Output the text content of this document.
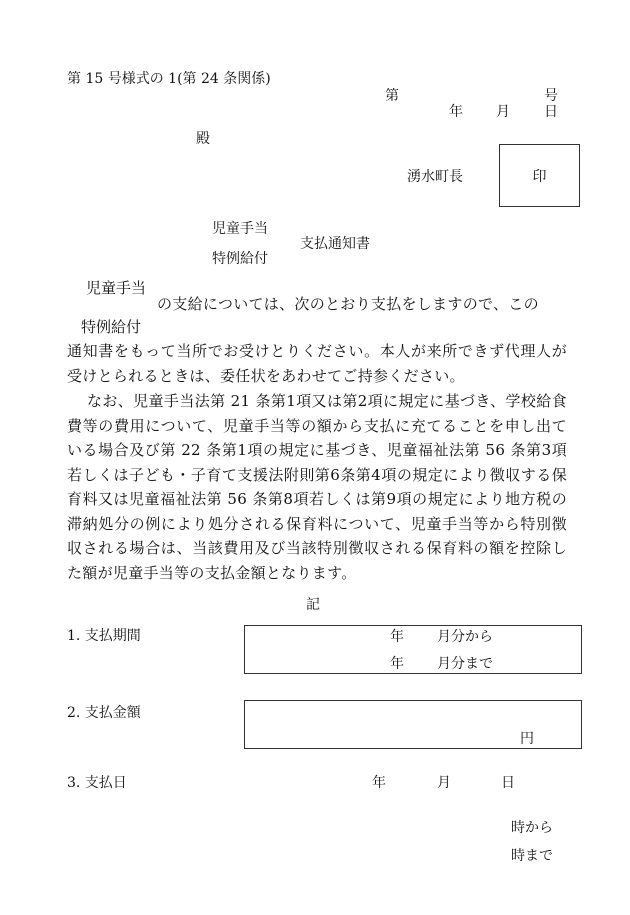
第 15 号様式の 1(第 24 条関係)
第	号
年 月 日
殿
湧水町長	印
児童手当
支払通知書
特例給付
児童手当
の支給については、次のとおり支払をしますので、この
特例給付
通知書をもって当所でお受けとりください。本人が来所できず代理人が受けとられるときは、委任状をあわせてご持参ください。
なお、児童手当法第 21 条第1項又は第2項に規定に基づき、学校給食費等の費用について、児童手当等の額から支払に充てることを申し出ている場合及び第 22 条第1項の規定に基づき、児童福祉法第 56 条第3項若しくは子ども・子育て支援法附則第6条第4項の規定により徴収する保育料又は児童福祉法第 56 条第8項若しくは第9項の規定により地方税の滞納処分の例により処分される保育料について、児童手当等から特別徴収される場合は、当該費用及び当該特別徴収される保育料の額を控除した額が児童手当等の支払金額となります。
記
1. 支払期間	年 月分から
年 月分まで
2. 支払金額
円
3. 支払日	年	月	日
時から
時まで
